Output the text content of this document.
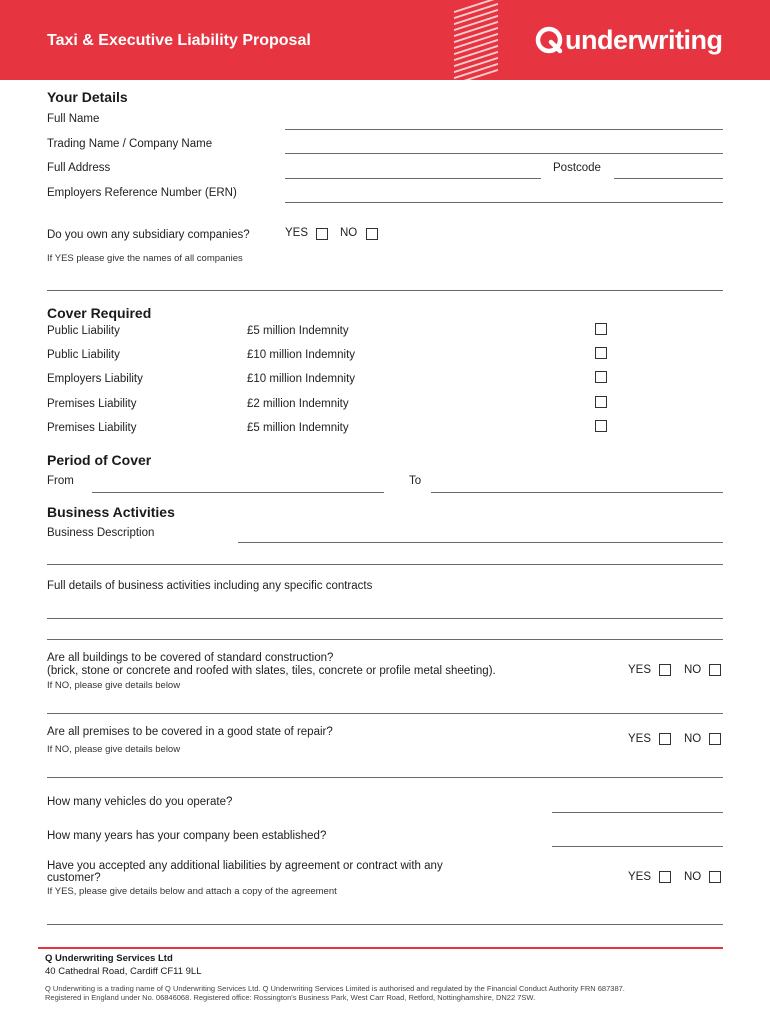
Taxi & Executive Liability Proposal	underwriting
Your Details
Full Name
Trading Name / Company Name
Full Address	Postcode
Employers Reference Number (ERN)
Do you own any subsidiary companies?	YES	NO
If YES please give the names of all companies
Cover Required
Public Liability	£5 million Indemnity
Public Liability	£10 million Indemnity
Employers Liability	£10 million Indemnity
Premises Liability	£2 million Indemnity
Premises Liability	£5 million Indemnity
Period of Cover
From	To
Business Activities
Business Description
Full details of business activities including any specific contracts
Are all buildings to be covered of standard construction?
(brick, stone or concrete and roofed with slates, tiles, concrete or profile metal sheeting).
If NO, please give details below
YES	NO
Are all premises to be covered in a good state of repair?
If NO, please give details below
YES	NO
How many vehicles do you operate?
How many years has your company been established?
Have you accepted any additional liabilities by agreement or contract with any
customer?
If YES, please give details below and attach a copy of the agreement
YES	NO
Q Underwriting Services Ltd
40 Cathedral Road, Cardiff CF11 9LL
Q Underwriting is a trading name of Q Underwriting Services Ltd. Q Underwriting Services Limited is authorised and regulated by the Financial Conduct Authority FRN 687387.
Registered in England under No. 06846068. Registered office: Rossington's Business Park, West Carr Road, Retford, Nottinghamshire, DN22 7SW.
